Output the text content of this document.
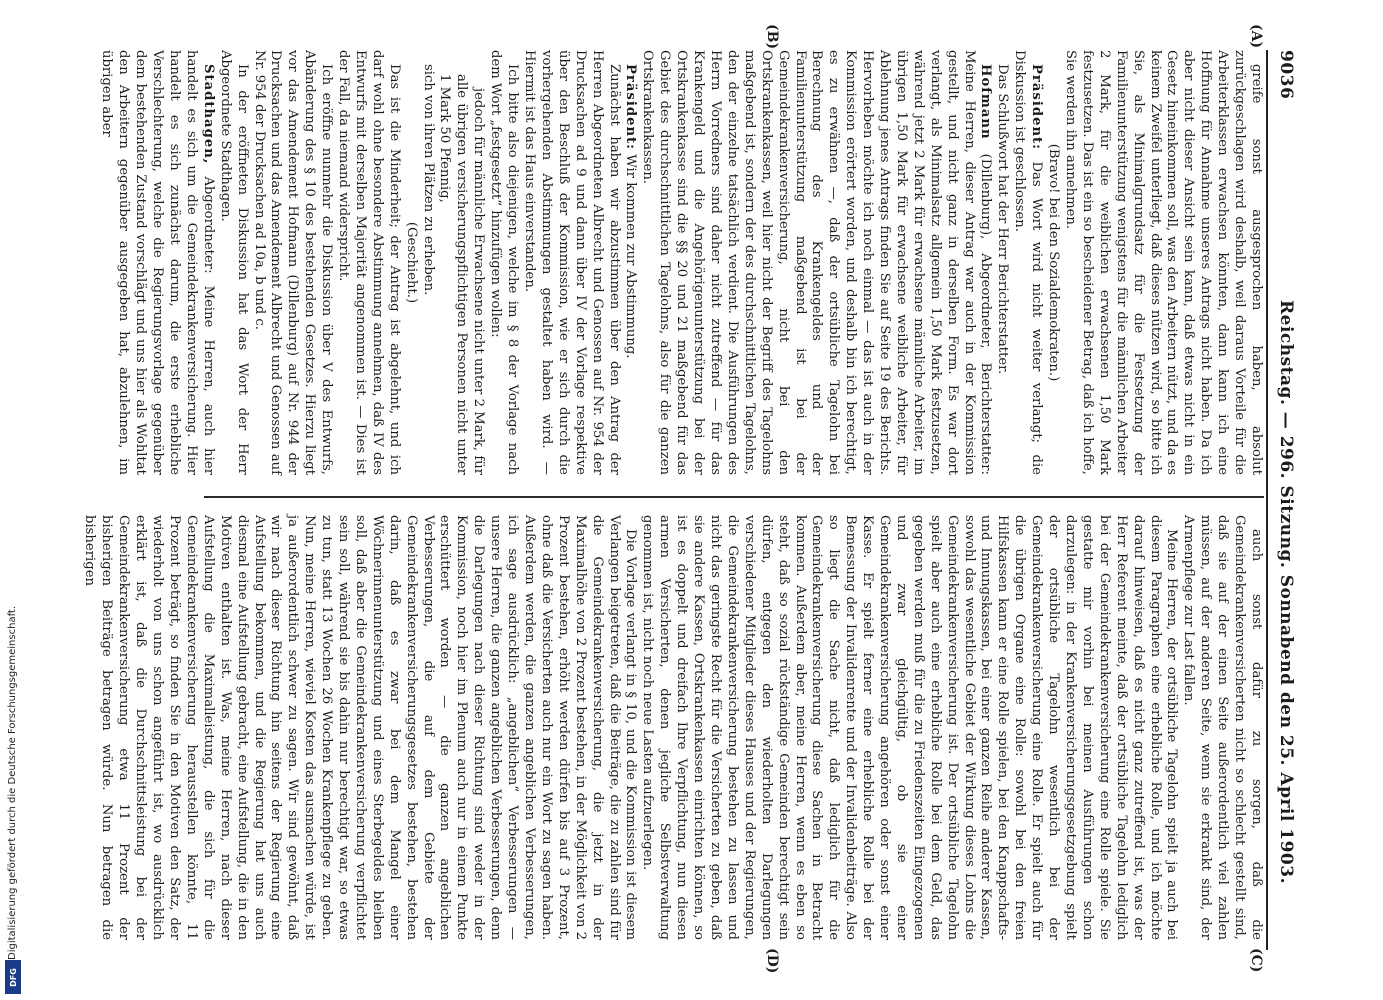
9036
Reichstag. — 296. Sitzung. Sonnabend den 25. April 1903.
(A)
(B)
(C)
(D)

greife sonst ausgesprochen haben, absolut zurückgeschlagen wird deshalb, weil daraus Vorteile für die Arbeiterklassen erwachsen könnten, dann kann ich eine Hoffnung für Annahme unseres Antrags nicht haben. Da ich aber nicht dieser Ansicht sein kann, daß etwas nicht in ein Gesetz hineinkommen soll, was den Arbeitern nützt, und da es keinem Zweifel unterliegt, daß dieses nützen wird, so bitte ich Sie, als Minimalgrundsatz für die Festsetzung der Familienunterstützung wenigstens für die männlichen Arbeiter 2 Mark, für die weiblichen erwachsenen 1,50 Mark festzusetzen. Das ist ein so bescheidener Betrag, daß ich hoffe, Sie werden ihn annehmen.

(Bravo! bei den Sozialdemokraten.)

Präsident: Das Wort wird nicht weiter verlangt; die Diskussion ist geschlossen.

Das Schlußwort hat der Herr Berichterstatter.

Hofmann (Dillenburg), Abgeordneter, Berichterstatter: Meine Herren, dieser Antrag war auch in der Kommission gestellt, und nicht ganz in derselben Form. Es war dort verlangt, als Minimalsatz allgemein 1,50 Mark festzusetzen, während jetzt 2 Mark für erwachsene männliche Arbeiter, im übrigen 1,50 Mark für erwachsene weibliche Arbeiter, für Ablehnung jenes Antrags finden Sie auf Seite 19 des Berichts. Hervorheben möchte ich noch einmal — das ist auch in der Kommission erörtert worden, und deshalb bin ich berechtigt, es zu erwähnen —, daß der ortsübliche Tagelohn bei Berechnung des Krankengeldes und der Familienunterstützung maßgebend ist bei der Gemeindekrankenversicherung, nicht bei den Ortskrankenkassen, weil hier nicht der Begriff des Tagelohns maßgebend ist, sondern der des durchschnittlichen Tagelohns, den der einzelne tatsächlich verdient. Die Ausführungen des Herrn Vorredners sind daher nicht zutreffend — für das Krankengeld und die Angehörigenunterstützung bei der Ortskrankenkasse sind die §§ 20 und 21 maßgebend für das Gebiet des durchschnittlichen Tagelohns, also für die ganzen Ortskrankenkassen.

Präsident: Wir kommen zur Abstimmung.

Zunächst haben wir abzustimmen über den Antrag der Herren Abgeordneten Albrecht und Genossen auf Nr. 954 der Drucksachen ad 9 und dann über IV der Vorlage respektive über den Beschluß der Kommission, wie er sich durch die vorhergehenden Abstimmungen gestaltet haben wird. — Hiermit ist das Haus einverstanden.

Ich bitte also diejenigen, welche im § 8 der Vorlage nach dem Wort „festgesetzt“ hinzufügen wollen:

jedoch für männliche Erwachsene nicht unter 2 Mark, für alle übrigen versicherungspflichtigen Personen nicht unter 1 Mark 50 Pfennig,

sich von ihren Plätzen zu erheben.

(Geschieht.)

Das ist die Minderheit; der Antrag ist abgelehnt, und ich darf wohl ohne besondere Abstimmung annehmen, daß IV des Entwurfs mit derselben Majorität angenommen ist. — Dies ist der Fall, da niemand widerspricht.

Ich eröffne nunmehr die Diskussion über V des Entwurfs, Abänderung des § 10 des bestehenden Gesetzes. Hierzu liegt vor das Amendement Hofmann (Dillenburg) auf Nr. 944 der Drucksachen und das Amendement Albrecht und Genossen auf Nr. 954 der Drucksachen ad 10a, b und c.

In der eröffneten Diskussion hat das Wort der Herr Abgeordnete Stadthagen.

Stadthagen, Abgeordneter: Meine Herren, auch hier handelt es sich um die Gemeindekrankenversicherung. Hier handelt es sich zunächst darum, die erste erhebliche Verschlechterung, welche die Regierungsvorlage gegenüber dem bestehenden Zustand vorschlägt und uns hier als Wohltat den Arbeitern gegenüber ausgegeben hat, abzulehnen, im übrigen aber

auch sonst dafür zu sorgen, daß die Gemeindekrankenversicherten nicht so schlecht gestellt sind, daß sie auf der einen Seite außerordentlich viel zahlen müssen, auf der anderen Seite, wenn sie erkrankt sind, der Armenpflege zur Last fallen.

Meine Herren, der ortsübliche Tagelohn spielt ja auch bei diesem Paragraphen eine erhebliche Rolle, und ich möchte darauf hinweisen, daß es nicht ganz zutreffend ist, was der Herr Referent meinte, daß der ortsübliche Tagelohn lediglich bei der Gemeindekrankenversicherung eine Rolle spiele. Sie gestatte mir vorhin bei meinen Ausführungen schon darzulegen: in der Krankenversicherungsgesetzgebung spielt der ortsübliche Tagelohn wesentlich bei der Gemeindekrankenversicherung eine Rolle. Er spielt auch für die übrigen Organe eine Rolle: sowohl bei den freien Hilfskassen kann er eine Rolle spielen, bei den Knappschafts- und Innungskassen, bei einer ganzen Reihe anderer Kassen, sowohl das wesentliche Gebiet der Wirkung dieses Lohns die Gemeindekrankenversicherung ist. Der ortsübliche Tagelohn spielt aber auch eine erhebliche Rolle bei dem Geld, das gegeben werden muß für die zu Friedenszeiten Eingezogenen und zwar gleichgültig, ob sie einer Gemeindekrankenversicherung angehören oder sonst einer Kasse. Er spielt ferner eine erhebliche Rolle bei der Bemessung der Invalidenrente und der Invalidenbeiträge. Also so liegt die Sache nicht, daß lediglich für die Gemeindekrankenversicherung diese Sachen in Betracht kommen. Außerdem aber, meine Herren, wenn es eben so steht, daß so sozial rückständige Gemeinden berechtigt sein dürfen, entgegen den wiederholten Darlegungen verschiedener Mitglieder dieses Hauses und der Regierungen, die Gemeindekrankenversicherung bestehen zu lassen und nicht das geringste Recht für die Versicherten zu geben, daß sie andere Kassen, Ortskrankenkassen einrichten können, so ist es doppelt und dreifach Ihre Verpflichtung, nun diesen armen Versicherten, denen jegliche Selbstverwaltung genommen ist, nicht noch neue Lasten aufzuerlegen.

Die Vorlage verlangt in § 10, und die Kommission ist diesem Verlangen beigetreten, daß die Beiträge, die zu zahlen sind für die Gemeindekrankenversicherung, die jetzt in der Maximalhöhe von 2 Prozent bestehen, in der Möglichkeit von 2 Prozent bestehen, erhöht werden dürfen bis auf 3 Prozent, ohne daß die Versicherten auch nur ein Wort zu sagen haben. Außerdem werden, die ganzen angeblichen Verbesserungen, ich sage ausdrücklich: „angeblichen“ Verbesserungen — unsere Herren, die ganzen angeblichen Verbesserungen, denn die Darlegungen nach dieser Richtung sind weder in der Kommission, noch hier im Plenum auch nur in einem Punkte erschüttert worden — die ganzen angeblichen Verbesserungen, die auf dem Gebiete der Gemeindekrankenversicherungsgesetzes bestehen, bestehen darin, daß es zwar bei dem Mangel einer Wöchnerinnenunterstützung und eines Sterbegeldes bleiben soll, daß aber die Gemeindekrankenversicherung verpflichtet sein soll, während sie bis dahin nur berechtigt war, so etwas zu tun, statt 13 Wochen 26 Wochen Krankenpflege zu geben. Nun, meine Herren, wieviel Kosten das ausmachen würde, ist ja außerordentlich schwer zu sagen. Wir sind gewöhnt, daß wir nach dieser Richtung hin seitens der Regierung eine Aufstellung bekommen, und die Regierung hat uns auch diesmal eine Aufstellung gebracht, eine Aufstellung, die in den Motiven enthalten ist. Was, meine Herren, nach dieser Aufstellung die Maximalleistung, die sich für die Gemeindekrankenversicherung herausstellen könnte, 11 Prozent beträgt, so finden Sie in den Motiven den Satz, der wiederholt von uns schon angeführt ist, wo ausdrücklich erklärt ist, daß die Durchschnittsleistung bei der Gemeindekrankenversicherung etwa 11 Prozent der bisherigen Beiträge betragen würde. Nun betragen die bisherigen

Digitalisierung gefördert durch die Deutsche Forschungsgemeinschaft.
DFG
